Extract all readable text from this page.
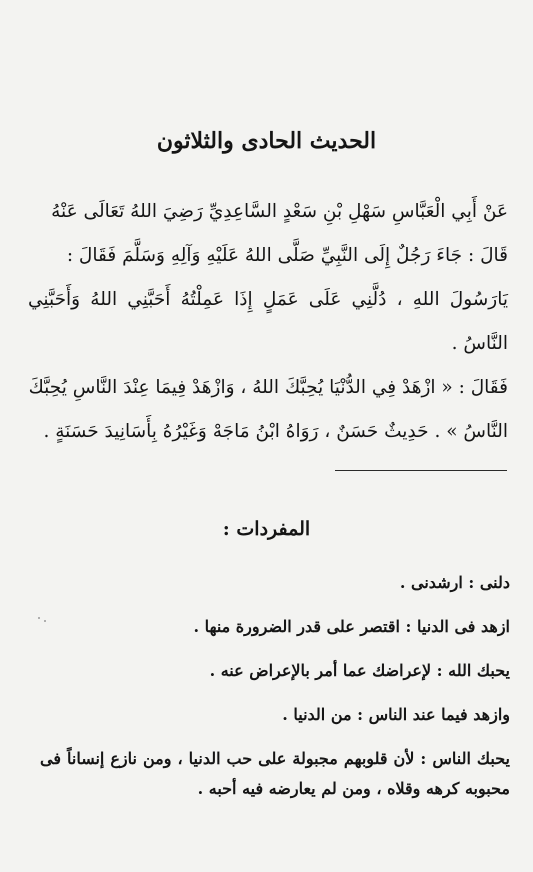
الحديث الحادى والثلاثون

عَنْ أَبِي الْعَبَّاسِ سَهْلِ بْنِ سَعْدٍ السَّاعِدِيِّ رَضِيَ اللهُ تَعَالَى عَنْهُ

قَالَ : جَاءَ رَجُلٌ إِلَى النَّبِيِّ صَلَّى اللهُ عَلَيْهِ وَآلِهِ وَسَلَّمَ فَقَالَ :

يَارَسُولَ اللهِ ، دُلَّنِي عَلَى عَمَلٍ إِذَا عَمِلْتُهُ أَحَبَّنِي اللهُ وَأَحَبَّنِي النَّاسُ .

فَقَالَ : « ازْهَدْ فِي الدُّنْيَا يُحِبَّكَ اللهُ ، وَازْهَدْ فِيمَا عِنْدَ النَّاسِ يُحِبَّكَ

النَّاسُ » . حَدِيثٌ حَسَنٌ ، رَوَاهُ ابْنُ مَاجَهْ وَغَيْرُهُ بِأَسَانِيدَ حَسَنَةٍ .

المفردات :

دلنى : ارشدنى .

ازهد فى الدنيا : اقتصر على قدر الضرورة منها .

يحبك الله : لإعراضك عما أمر بالإعراض عنه .

وازهد فيما عند الناس : من الدنيا .

يحبك الناس : لأن قلوبهم مجبولة على حب الدنيا ، ومن نازع إنساناً فى محبوبه كرهه وقلاه ، ومن لم يعارضه فيه أحبه .
